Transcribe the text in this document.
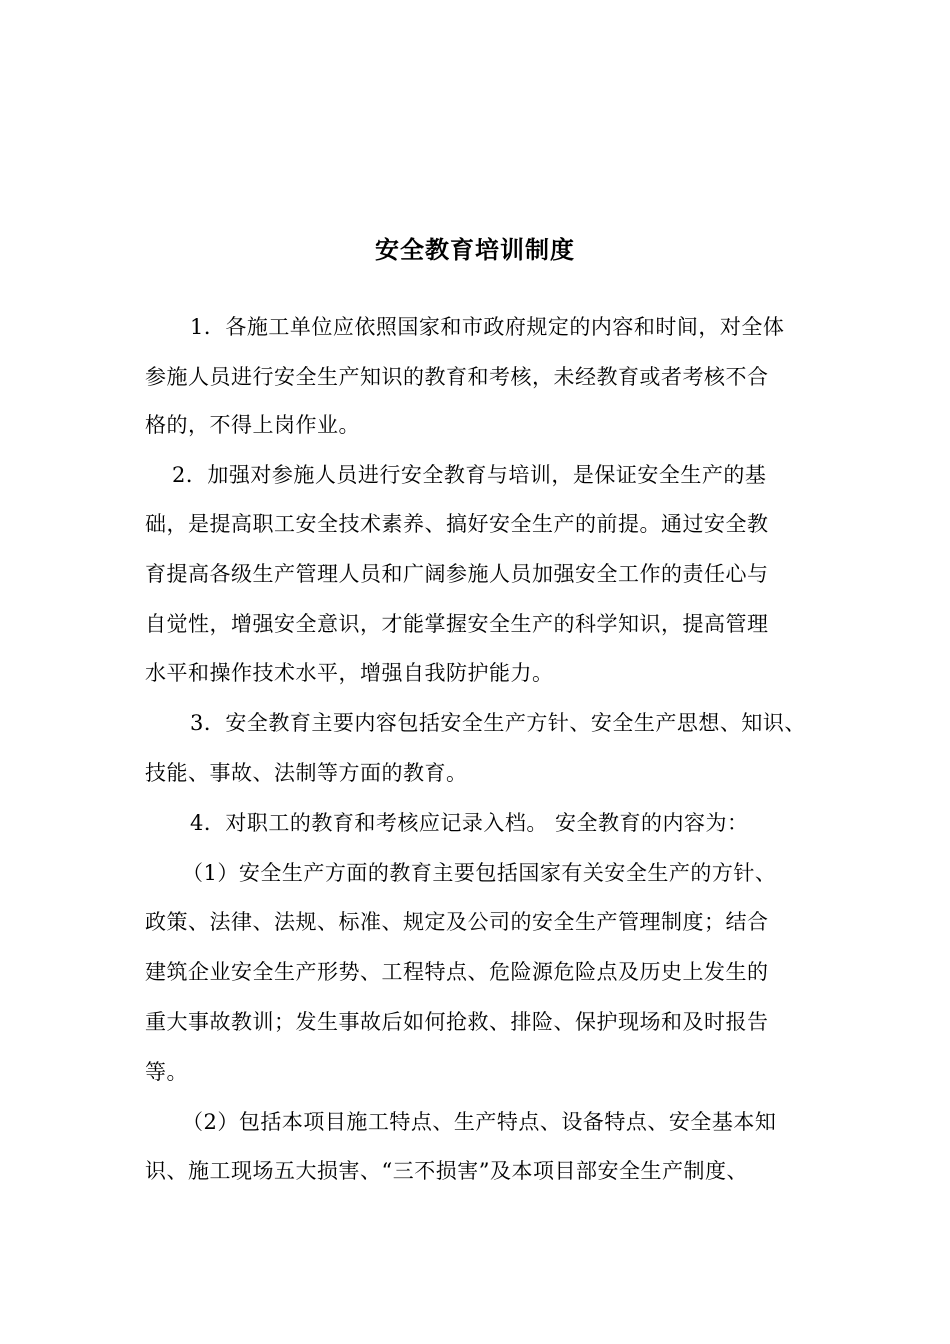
安全教育培训制度
1．各施工单位应依照国家和市政府规定的内容和时间，对全体
参施人员进行安全生产知识的教育和考核，未经教育或者考核不合
格的，不得上岗作业。
2．加强对参施人员进行安全教育与培训，是保证安全生产的基
础，是提高职工安全技术素养、搞好安全生产的前提。通过安全教
育提高各级生产管理人员和广阔参施人员加强安全工作的责任心与
自觉性，增强安全意识，才能掌握安全生产的科学知识，提高管理
水平和操作技术水平，增强自我防护能力。
3．安全教育主要内容包括安全生产方针、安全生产思想、知识、
技能、事故、法制等方面的教育。
4．对职工的教育和考核应记录入档。 安全教育的内容为：
（1）安全生产方面的教育主要包括国家有关安全生产的方针、
政策、法律、法规、标准、规定及公司的安全生产管理制度；结合
建筑企业安全生产形势、工程特点、危险源危险点及历史上发生的
重大事故教训；发生事故后如何抢救、排险、保护现场和及时报告
等。
（2）包括本项目施工特点、生产特点、设备特点、安全基本知
识、施工现场五大损害、“三不损害”及本项目部安全生产制度、
